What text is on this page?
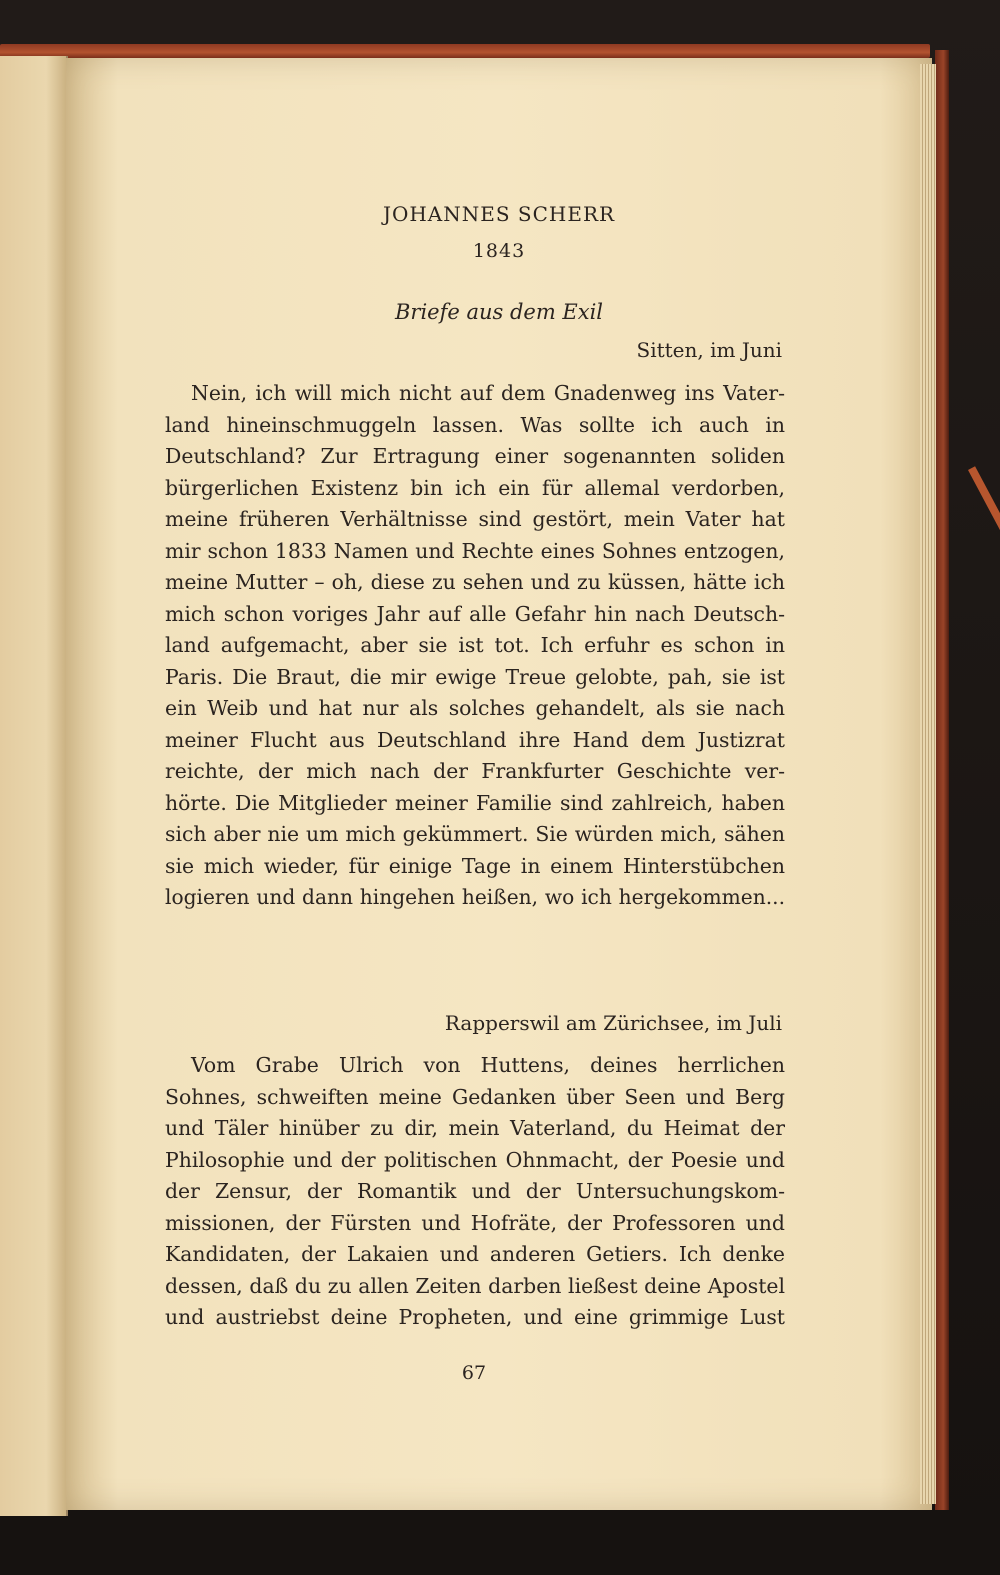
JOHANNES SCHERR
1843
Briefe aus dem Exil
Sitten, im Juni
Nein, ich will mich nicht auf dem Gnadenweg ins Vater-
land hineinschmuggeln lassen. Was sollte ich auch in
Deutschland? Zur Ertragung einer sogenannten soliden
bürgerlichen Existenz bin ich ein für allemal verdorben,
meine früheren Verhältnisse sind gestört, mein Vater hat
mir schon 1833 Namen und Rechte eines Sohnes entzogen,
meine Mutter – oh, diese zu sehen und zu küssen, hätte ich
mich schon voriges Jahr auf alle Gefahr hin nach Deutsch-
land aufgemacht, aber sie ist tot. Ich erfuhr es schon in
Paris. Die Braut, die mir ewige Treue gelobte, pah, sie ist
ein Weib und hat nur als solches gehandelt, als sie nach
meiner Flucht aus Deutschland ihre Hand dem Justizrat
reichte, der mich nach der Frankfurter Geschichte ver-
hörte. Die Mitglieder meiner Familie sind zahlreich, haben
sich aber nie um mich gekümmert. Sie würden mich, sähen
sie mich wieder, für einige Tage in einem Hinterstübchen
logieren und dann hingehen heißen, wo ich hergekommen...
Rapperswil am Zürichsee, im Juli
Vom Grabe Ulrich von Huttens, deines herrlichen
Sohnes, schweiften meine Gedanken über Seen und Berg
und Täler hinüber zu dir, mein Vaterland, du Heimat der
Philosophie und der politischen Ohnmacht, der Poesie und
der Zensur, der Romantik und der Untersuchungskom-
missionen, der Fürsten und Hofräte, der Professoren und
Kandidaten, der Lakaien und anderen Getiers. Ich denke
dessen, daß du zu allen Zeiten darben ließest deine Apostel
und austriebst deine Propheten, und eine grimmige Lust
67
